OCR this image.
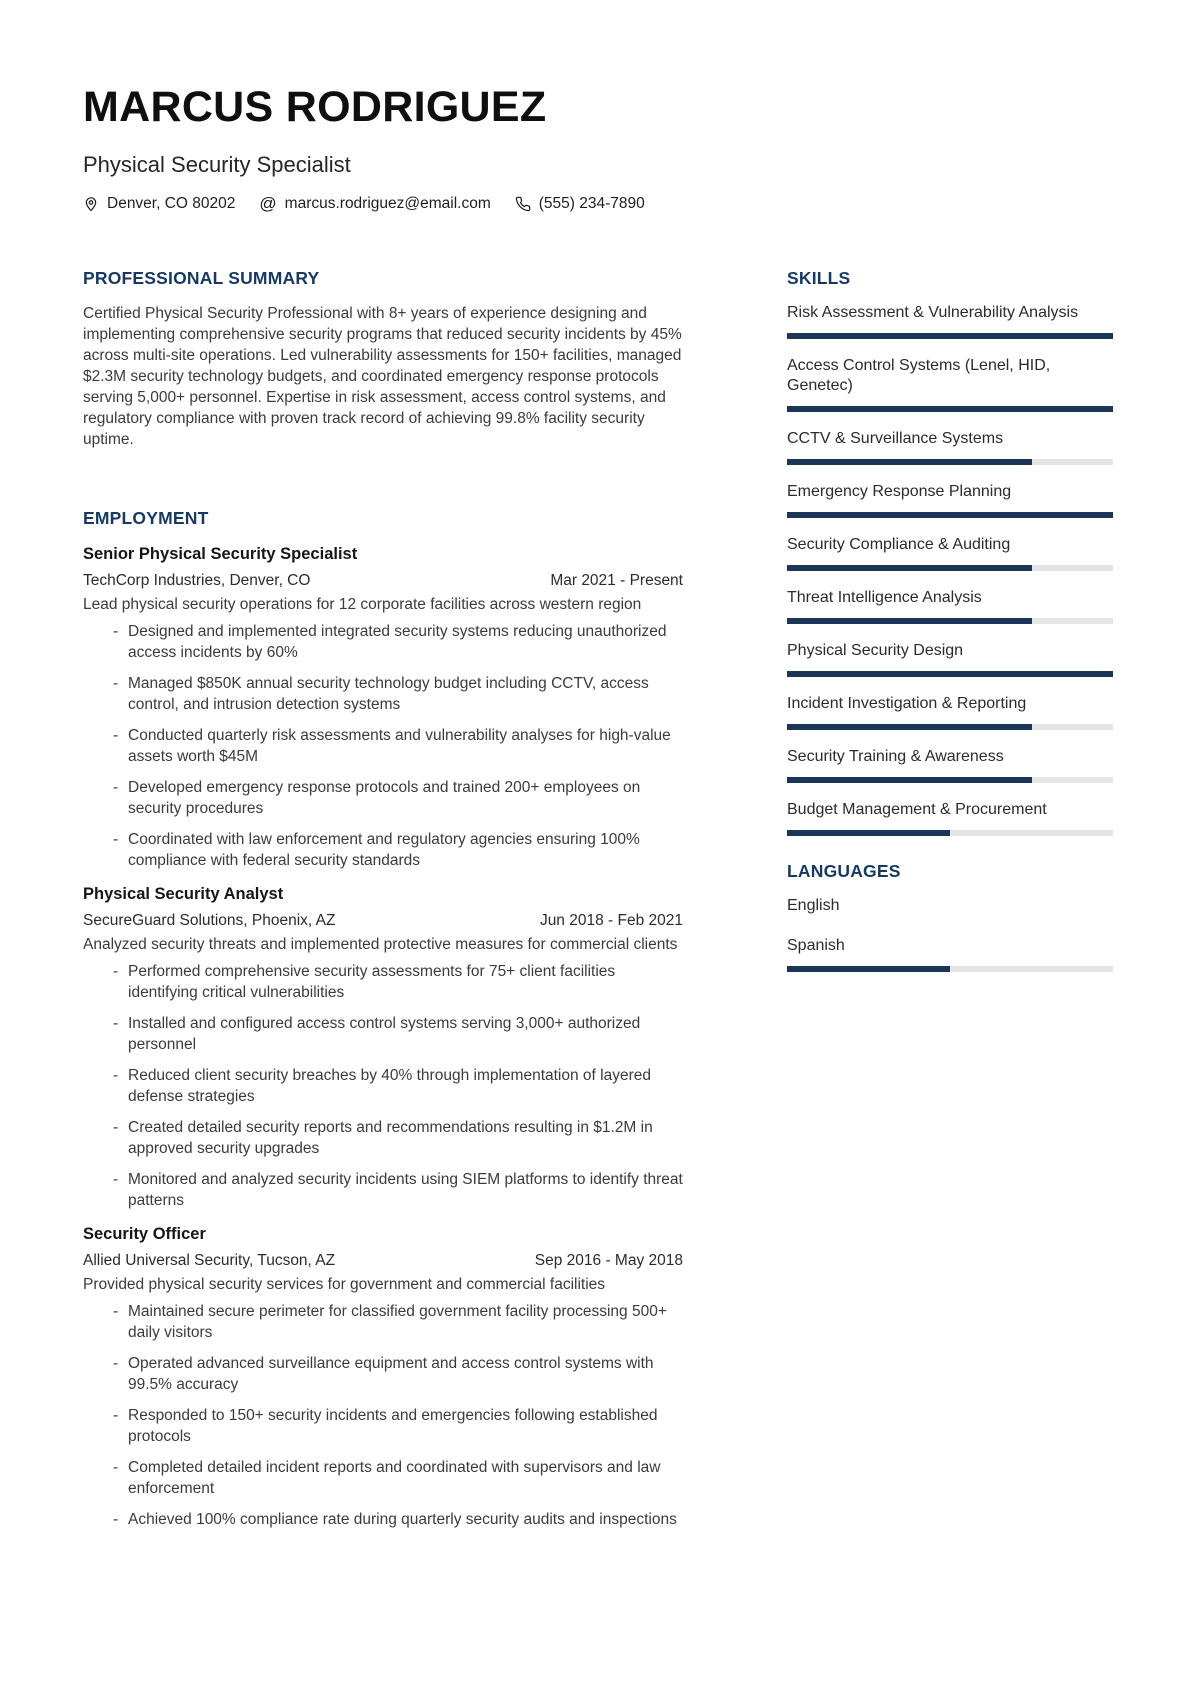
MARCUS RODRIGUEZ
Physical Security Specialist
Denver, CO 80202 @ marcus.rodriguez@email.com	(555) 234-7890
PROFESSIONAL SUMMARY

Certified Physical Security Professional with 8+ years of experience designing and implementing comprehensive security programs that reduced security incidents by 45% across multi-site operations. Led vulnerability assessments for 150+ facilities, managed $2.3M security technology budgets, and coordinated emergency response protocols serving 5,000+ personnel. Expertise in risk assessment, access control systems, and regulatory compliance with proven track record of achieving 99.8% facility security uptime.

EMPLOYMENT
Senior Physical Security Specialist
TechCorp Industries, Denver, CO	Mar 2021 - Present
Lead physical security operations for 12 corporate facilities across western region
- Designed and implemented integrated security systems reducing unauthorized access incidents by 60%
- Managed $850K annual security technology budget including CCTV, access control, and intrusion detection systems
- Conducted quarterly risk assessments and vulnerability analyses for high-value assets worth $45M
- Developed emergency response protocols and trained 200+ employees on security procedures
- Coordinated with law enforcement and regulatory agencies ensuring 100% compliance with federal security standards
Physical Security Analyst
SecureGuard Solutions, Phoenix, AZ	Jun 2018 - Feb 2021
Analyzed security threats and implemented protective measures for commercial clients
- Performed comprehensive security assessments for 75+ client facilities identifying critical vulnerabilities
- Installed and configured access control systems serving 3,000+ authorized personnel
- Reduced client security breaches by 40% through implementation of layered defense strategies
- Created detailed security reports and recommendations resulting in $1.2M in approved security upgrades
- Monitored and analyzed security incidents using SIEM platforms to identify threat patterns
Security Officer
Allied Universal Security, Tucson, AZ	Sep 2016 - May 2018
Provided physical security services for government and commercial facilities
- Maintained secure perimeter for classified government facility processing 500+ daily visitors
- Operated advanced surveillance equipment and access control systems with 99.5% accuracy
- Responded to 150+ security incidents and emergencies following established protocols
- Completed detailed incident reports and coordinated with supervisors and law enforcement
- Achieved 100% compliance rate during quarterly security audits and inspections
SKILLS
Risk Assessment & Vulnerability Analysis
Access Control Systems (Lenel, HID, Genetec)
CCTV & Surveillance Systems
Emergency Response Planning
Security Compliance & Auditing
Threat Intelligence Analysis
Physical Security Design
Incident Investigation & Reporting
Security Training & Awareness
Budget Management & Procurement
LANGUAGES
English
Spanish
